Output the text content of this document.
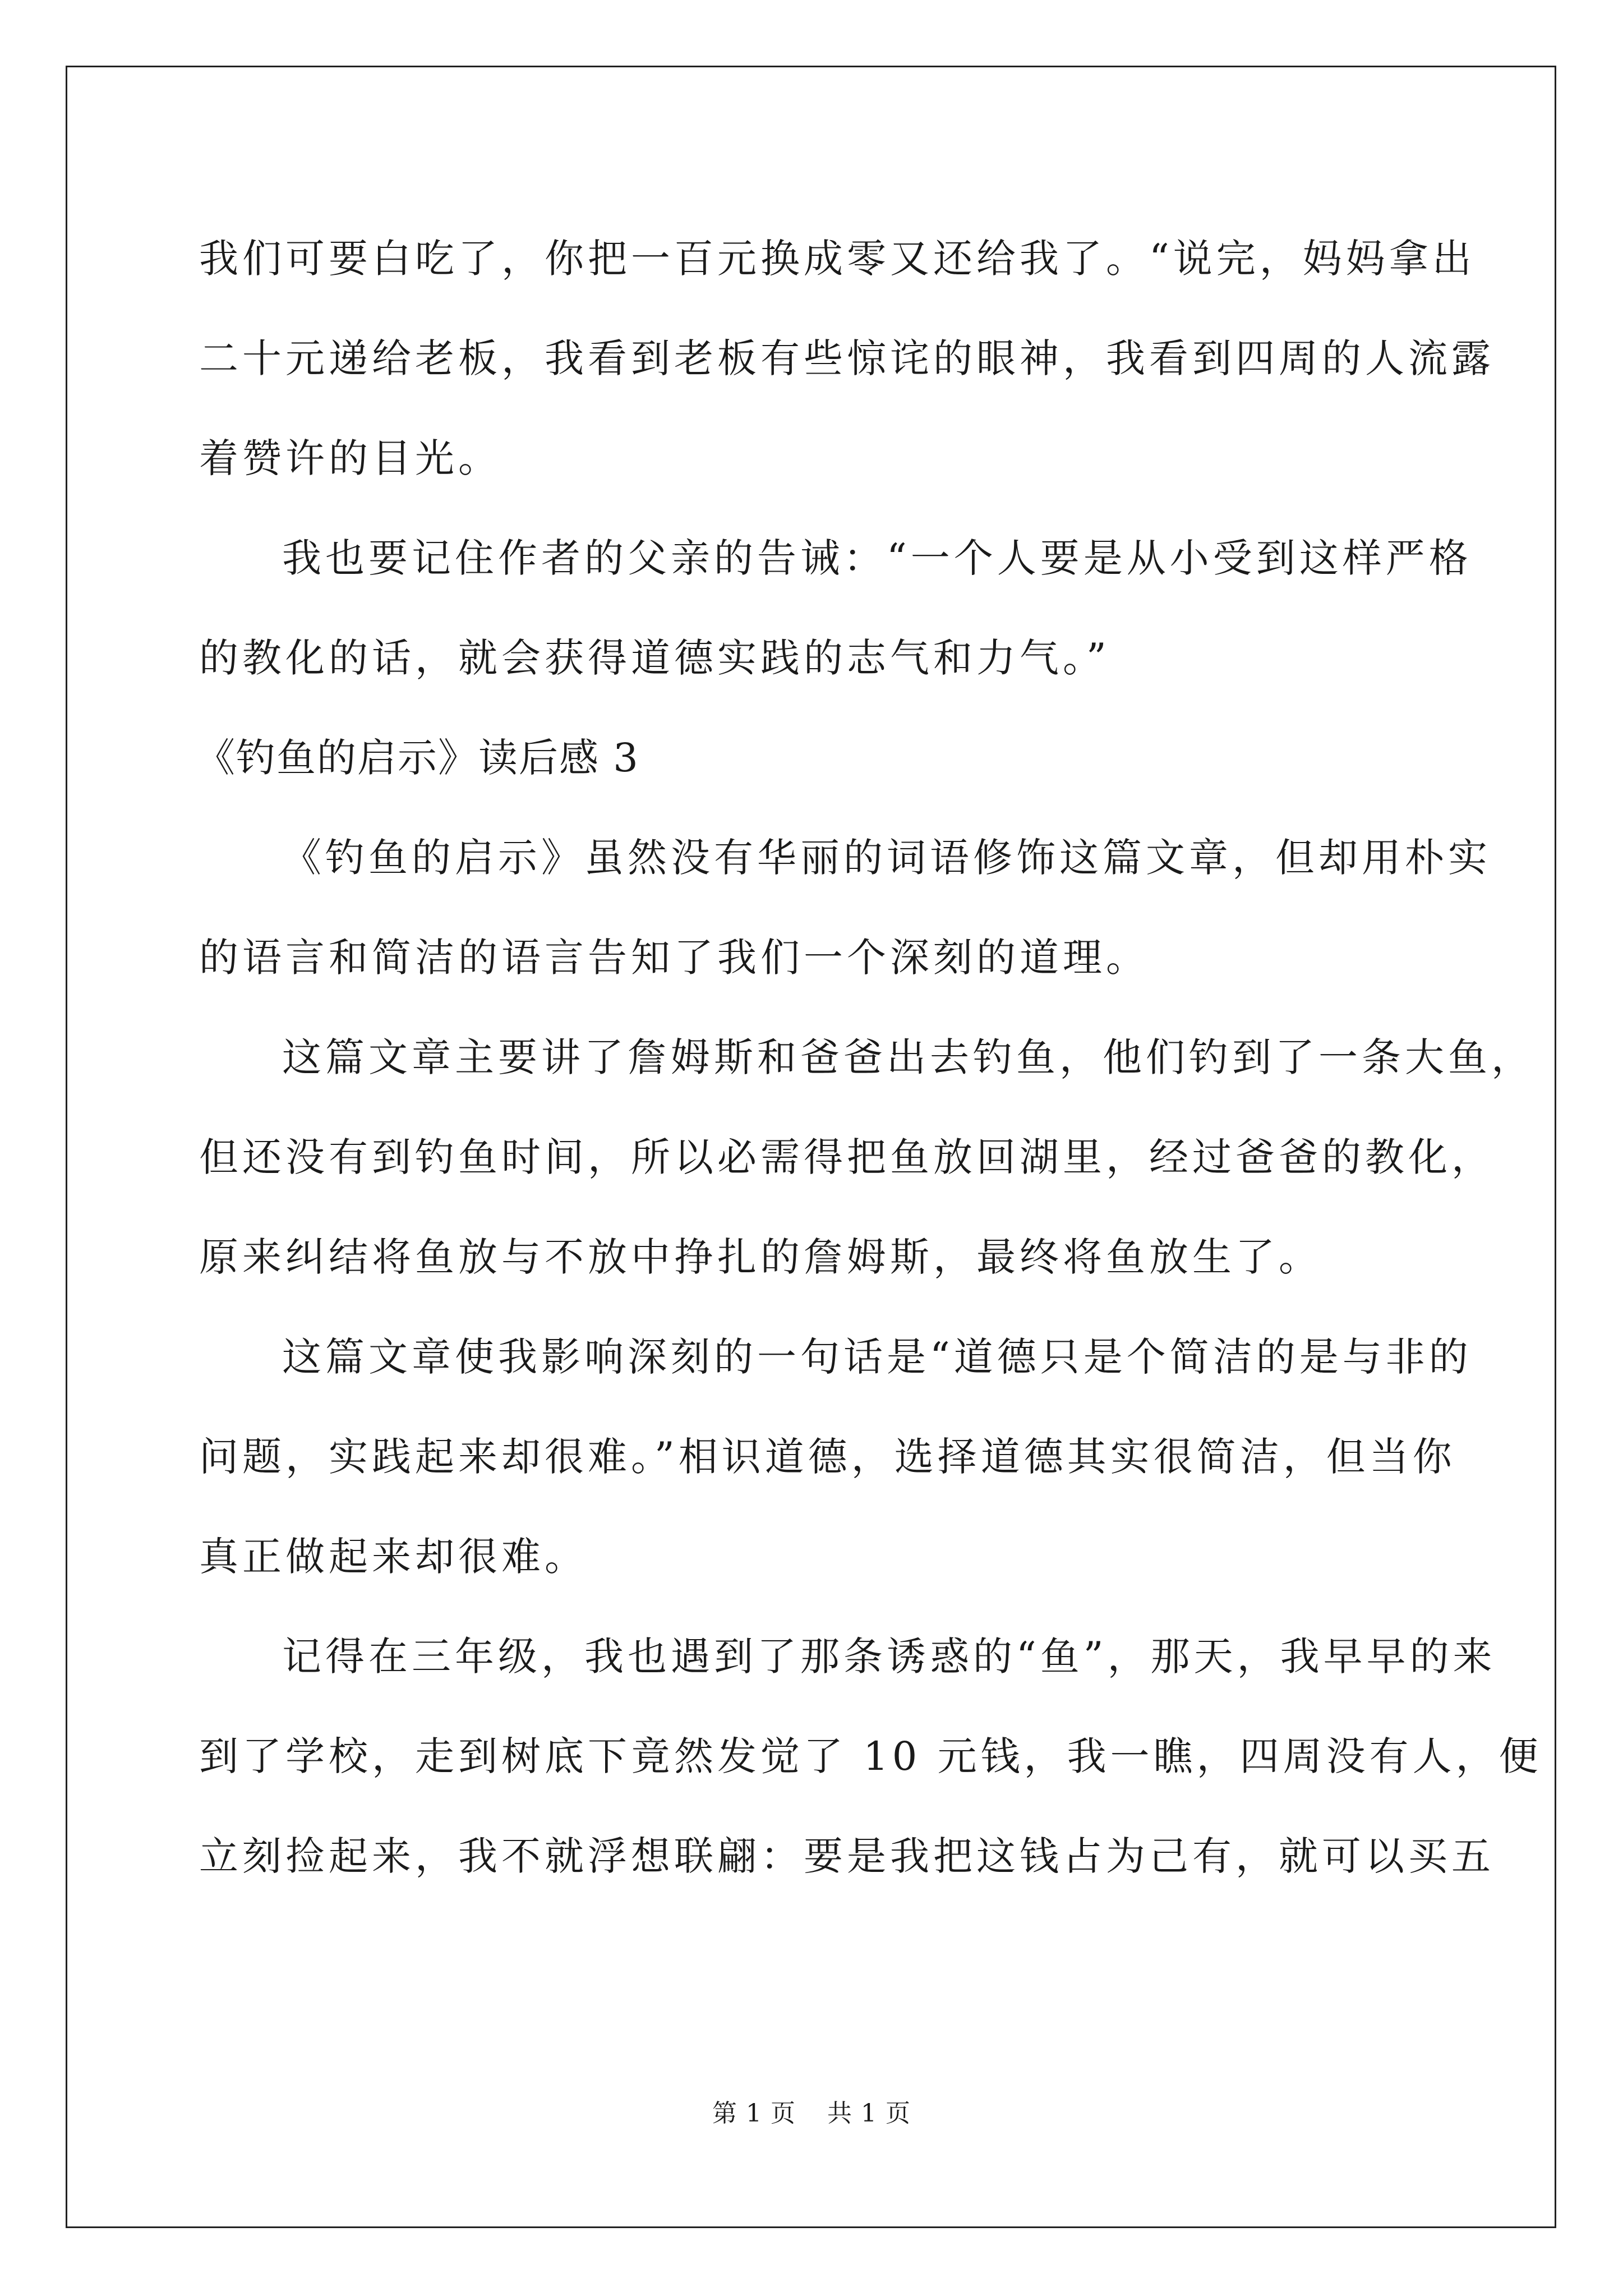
我们可要白吃了，你把一百元换成零又还给我了。“说完，妈妈拿出
二十元递给老板，我看到老板有些惊诧的眼神，我看到四周的人流露
着赞许的目光。
我也要记住作者的父亲的告诫：“一个人要是从小受到这样严格
的教化的话，就会获得道德实践的志气和力气。”
《钓鱼的启示》读后感 3
《钓鱼的启示》虽然没有华丽的词语修饰这篇文章，但却用朴实
的语言和简洁的语言告知了我们一个深刻的道理。
这篇文章主要讲了詹姆斯和爸爸出去钓鱼，他们钓到了一条大鱼，
但还没有到钓鱼时间，所以必需得把鱼放回湖里，经过爸爸的教化，
原来纠结将鱼放与不放中挣扎的詹姆斯，最终将鱼放生了。
这篇文章使我影响深刻的一句话是“道德只是个简洁的是与非的
问题，实践起来却很难。”相识道德，选择道德其实很简洁，但当你
真正做起来却很难。
记得在三年级，我也遇到了那条诱惑的“鱼”，那天，我早早的来
到了学校，走到树底下竟然发觉了 10 元钱，我一瞧，四周没有人，便
立刻捡起来，我不就浮想联翩：要是我把这钱占为己有，就可以买五
第 1 页 共 1 页
